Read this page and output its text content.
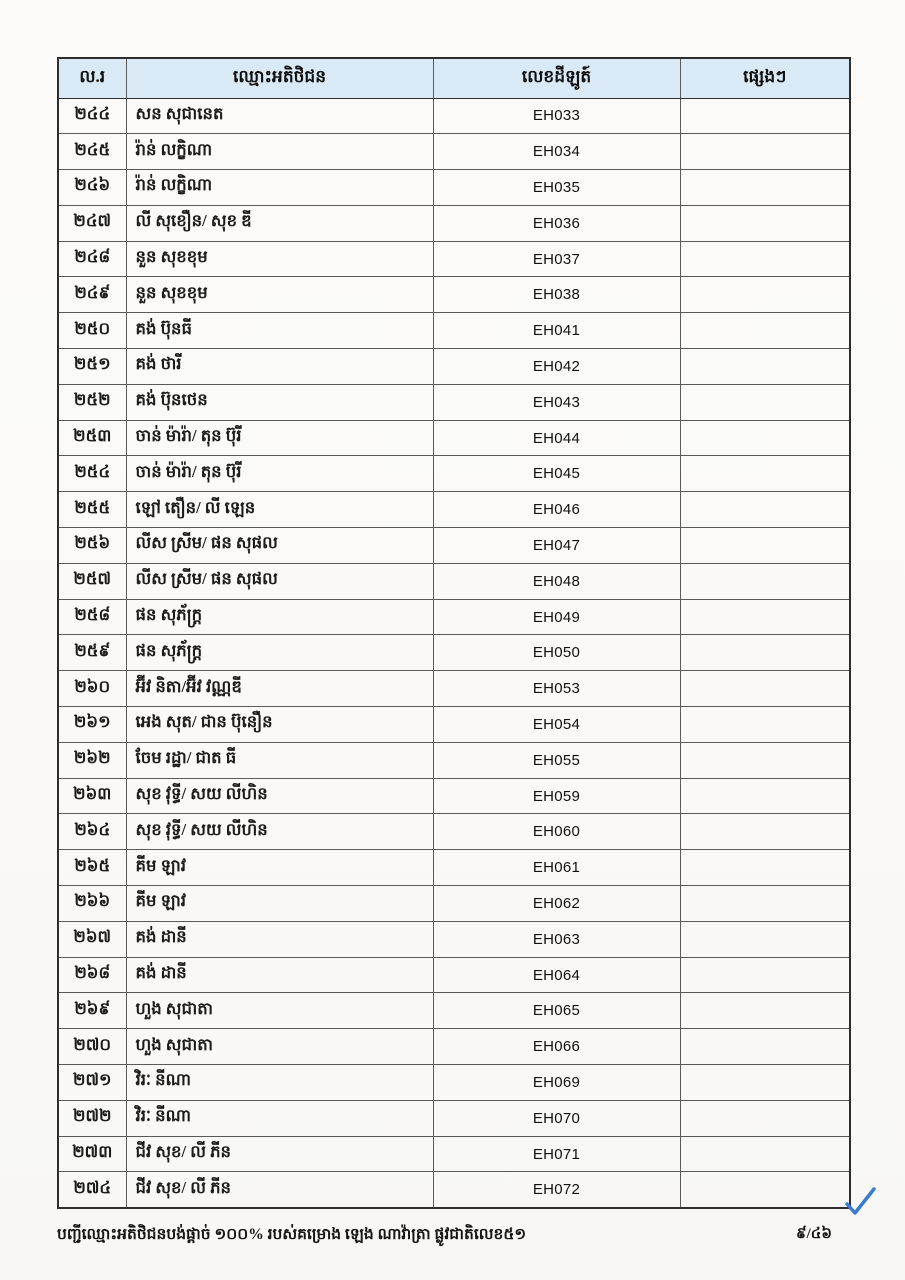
ល.រ	ឈ្មោះអតិថិជន	លេខដីឡូត៍	ផ្សេងៗ
២៤៤	សន សុជានេត	EH033	
២៤៥	រ៉ាន់ លក្ខិណា	EH034	
២៤៦	រ៉ាន់ លក្ខិណា	EH035	
២៤៧	លី សុខឿន/ សុខ ឌី	EH036	
២៤៨	នួន សុខខុម	EH037	
២៤៩	នួន សុខខុម	EH038	
២៥០	គង់ ប៊ុនធី	EH041	
២៥១	គង់ ថារី	EH042	
២៥២	គង់ ប៊ុនថេន	EH043	
២៥៣	ចាន់ ម៉ារ៉ា/ តុន ប៊ុរី	EH044	
២៥៤	ចាន់ ម៉ារ៉ា/ តុន ប៊ុរី	EH045	
២៥៥	ឡៅ តឿន/ លី ឡេន	EH046	
២៥៦	លីស ស្រីម/ ផន សុផល	EH047	
២៥៧	លីស ស្រីម/ ផន សុផល	EH048	
២៥៨	ផន សុភ័ក្ត្រ	EH049	
២៥៩	ផន សុភ័ក្ត្រ	EH050	
២៦០	អ៊ីវ និតា/អ៊ីវ វណ្ណឌី	EH053	
២៦១	អេង សុត/ ជាន ប៊ុនឿន	EH054	
២៦២	ចែម រដ្ឋា/ ជាត ធី	EH055	
២៦៣	សុខ វុទ្ធី/ សយ លីហិន	EH059	
២៦៤	សុខ វុទ្ធី/ សយ លីហិន	EH060	
២៦៥	គីម ឡាវ	EH061	
២៦៦	គីម ឡាវ	EH062	
២៦៧	គង់ ដានី	EH063	
២៦៨	គង់ ដានី	EH064	
២៦៩	ហួង សុជាតា	EH065	
២៧០	ហួង សុជាតា	EH066	
២៧១	វិរៈ នីណា	EH069	
២៧២	វិរៈ នីណា	EH070	
២៧៣	ជីវ សុខ/ លី ភីន	EH071	
២៧៤	ជីវ សុខ/ លី ភីន	EH072	
បញ្ជីឈ្មោះអតិថិជនបង់ផ្តាច់ ១០០% របស់គម្រោង ឡេង ណាវ៉ាត្រា ផ្លូវជាតិលេខ៥១	៩/៤៦
